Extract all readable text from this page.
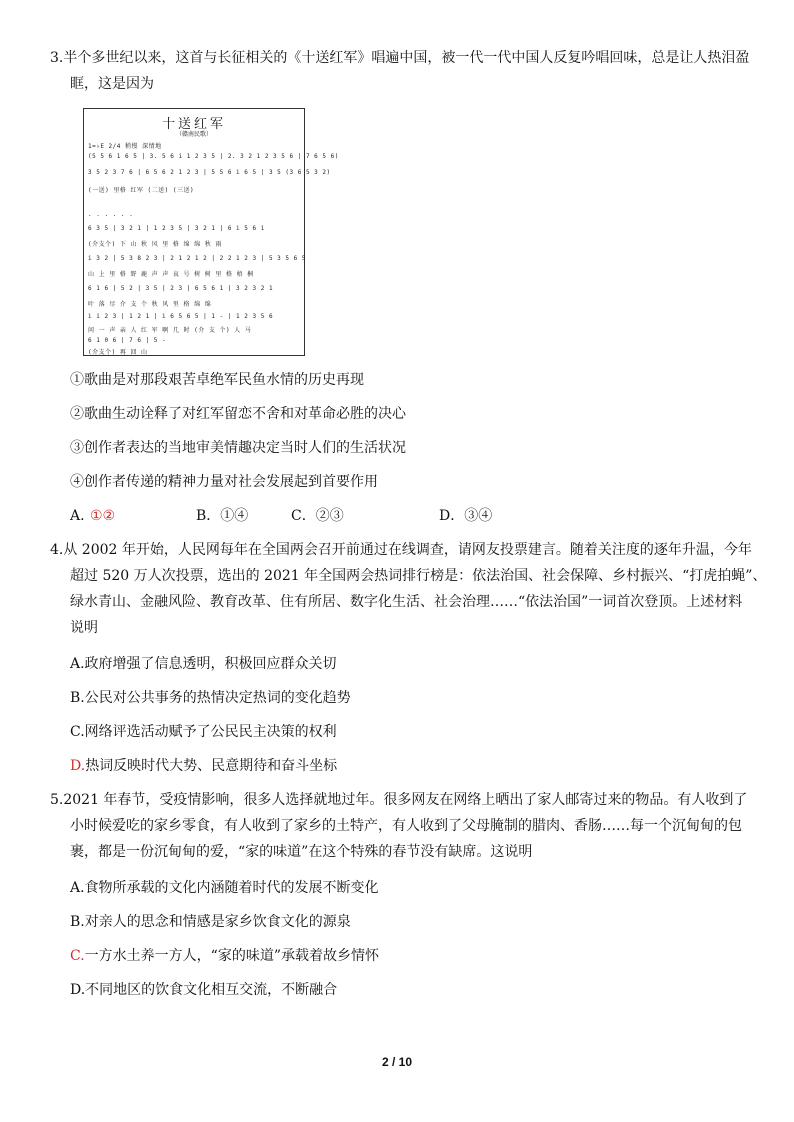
3.半个多世纪以来，这首与长征相关的《十送红军》唱遍中国，被一代一代中国人反复吟唱回味，总是让人热泪盈
眶，这是因为
十送红军
（赣南民歌）
1=♭E 2/4 稍慢 深情地
(5 5 6 1 6 5 | 3. 5 6 i 1 2 3 5 | 2. 3 2 1 2 3 5 6 | 7 6 5 6)
3 5 2 3 7 6 | 6 5 6 2 1 2 3 | 5 5 6 i 6 5 | 3 5 (3 6 5 3 2)
(一送) 里格 红军 (二送) (三送)
. . . . . .
6 3 5 | 3 2 1 | 1 2 3 5 | 3 2 1 | 6 i 5 6 i
(介支个) 下 山 秋 风 里 格 绵 绵 秋 雨
i 3 2 | 5 3 8 2 3 | 2 1 2 1 2 | 2 2 1 2 3 | 5 3 5 6 5
山 上 里 格 野 鹿 声 声 哀 号 树 树 里 格 梧 桐
6 1 6 | 5 2 | 3 5 | 2 3 | 6 5 6 1 | 3 2 3 2 1
叶 落 尽 介 支 个 秋 风 里 格 绵 绵
i i 2 3 | 1 2 1 | i 6 5 6 5 | 1 - | 1 2 3 5 6
问 一 声 亲 人 红 军 啊 几 时 (介 支 个) 人 马
6 1 0 6 | 7 6 | 5 -
(介支个) 再 回 山
①歌曲是对那段艰苦卓绝军民鱼水情的历史再现
②歌曲生动诠释了对红军留恋不舍和对革命必胜的决心
③创作者表达的当地审美情趣决定当时人们的生活状况
④创作者传递的精神力量对社会发展起到首要作用
A. ①②	B．①④	C．②③	D．③④
4.从 2002 年开始，人民网每年在全国两会召开前通过在线调查，请网友投票建言。随着关注度的逐年升温，今年
超过 520 万人次投票，选出的 2021 年全国两会热词排行榜是：依法治国、社会保障、乡村振兴、“打虎拍蝇”、
绿水青山、金融风险、教育改革、住有所居、数字化生活、社会治理……“依法治国”一词首次登顶。上述材料
说明
A.政府增强了信息透明，积极回应群众关切
B.公民对公共事务的热情决定热词的变化趋势
C.网络评选活动赋予了公民民主决策的权利
D.热词反映时代大势、民意期待和奋斗坐标
5.2021 年春节，受疫情影响，很多人选择就地过年。很多网友在网络上晒出了家人邮寄过来的物品。有人收到了
小时候爱吃的家乡零食，有人收到了家乡的土特产，有人收到了父母腌制的腊肉、香肠……每一个沉甸甸的包
裹，都是一份沉甸甸的爱，“家的味道”在这个特殊的春节没有缺席。这说明
A.食物所承载的文化内涵随着时代的发展不断变化
B.对亲人的思念和情感是家乡饮食文化的源泉
C.一方水土养一方人，“家的味道”承载着故乡情怀
D.不同地区的饮食文化相互交流，不断融合
2 / 10
